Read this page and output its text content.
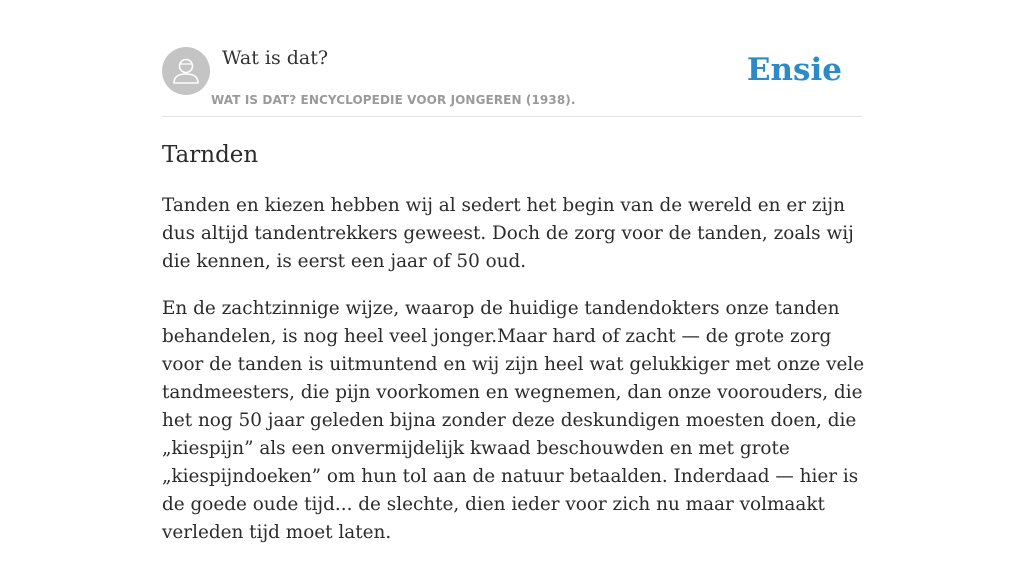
Wat is dat?
WAT IS DAT? ENCYCLOPEDIE VOOR JONGEREN (1938).
Ensie
Tarnden

Tanden en kiezen hebben wij al sedert het begin van de wereld en er zijn dus altijd tandentrekkers geweest. Doch de zorg voor de tanden, zoals wij die kennen, is eerst een jaar of 50 oud.

En de zachtzinnige wijze, waarop de huidige tandendokters onze tanden behandelen, is nog heel veel jonger.Maar hard of zacht — de grote zorg voor de tanden is uitmuntend en wij zijn heel wat gelukkiger met onze vele tandmeesters, die pijn voorkomen en wegnemen, dan onze voorouders, die het nog 50 jaar geleden bijna zonder deze deskundigen moesten doen, die „kiespijn” als een onvermijdelijk kwaad beschouwden en met grote „kiespijndoeken” om hun tol aan de natuur betaalden. Inderdaad — hier is de goede oude tijd... de slechte, dien ieder voor zich nu maar volmaakt verleden tijd moet laten.
